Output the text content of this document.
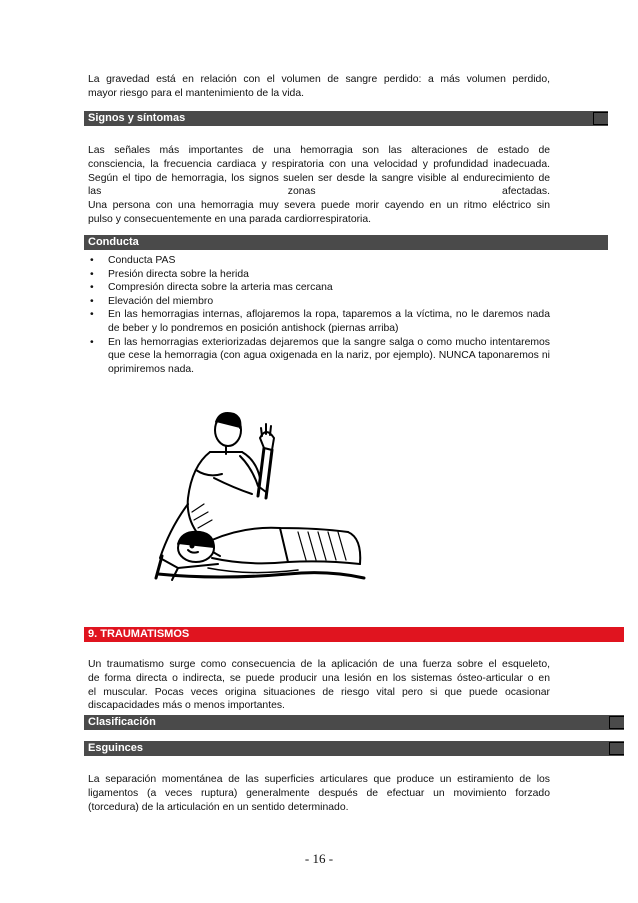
La gravedad está en relación con el volumen de sangre perdido: a más volumen perdido,
mayor riesgo para el mantenimiento de la vida.

Signos y síntomas

Las señales más importantes de una hemorragia son las alteraciones de estado de
consciencia, la frecuencia cardiaca y respiratoria con una velocidad y profundidad inadecuada.
Según el tipo de hemorragia, los signos suelen ser desde la sangre visible al endurecimiento de
las zonas afectadas.
Una persona con una hemorragia muy severa puede morir cayendo en un ritmo eléctrico sin
pulso y consecuentemente en una parada cardiorrespiratoria.

Conducta
• Conducta PAS
• Presión directa sobre la herida
• Compresión directa sobre la arteria mas cercana
• Elevación del miembro
• En las hemorragias internas, aflojaremos la ropa, taparemos a la víctima, no le daremos nada de beber y lo pondremos en posición antishock (piernas arriba)
• En las hemorragias exteriorizadas dejaremos que la sangre salga o como mucho intentaremos que cese la hemorragia (con agua oxigenada en la nariz, por ejemplo). NUNCA taponaremos ni oprimiremos nada.
9. TRAUMATISMOS

Un traumatismo surge como consecuencia de la aplicación de una fuerza sobre el esqueleto,
de forma directa o indirecta, se puede producir una lesión en los sistemas ósteo-articular o en
el muscular. Pocas veces origina situaciones de riesgo vital pero si que puede ocasionar
discapacidades más o menos importantes.

Clasificación
Esguinces

La separación momentánea de las superficies articulares que produce un estiramiento de los
ligamentos (a veces ruptura) generalmente después de efectuar un movimiento forzado
(torcedura) de la articulación en un sentido determinado.

- 16 -
